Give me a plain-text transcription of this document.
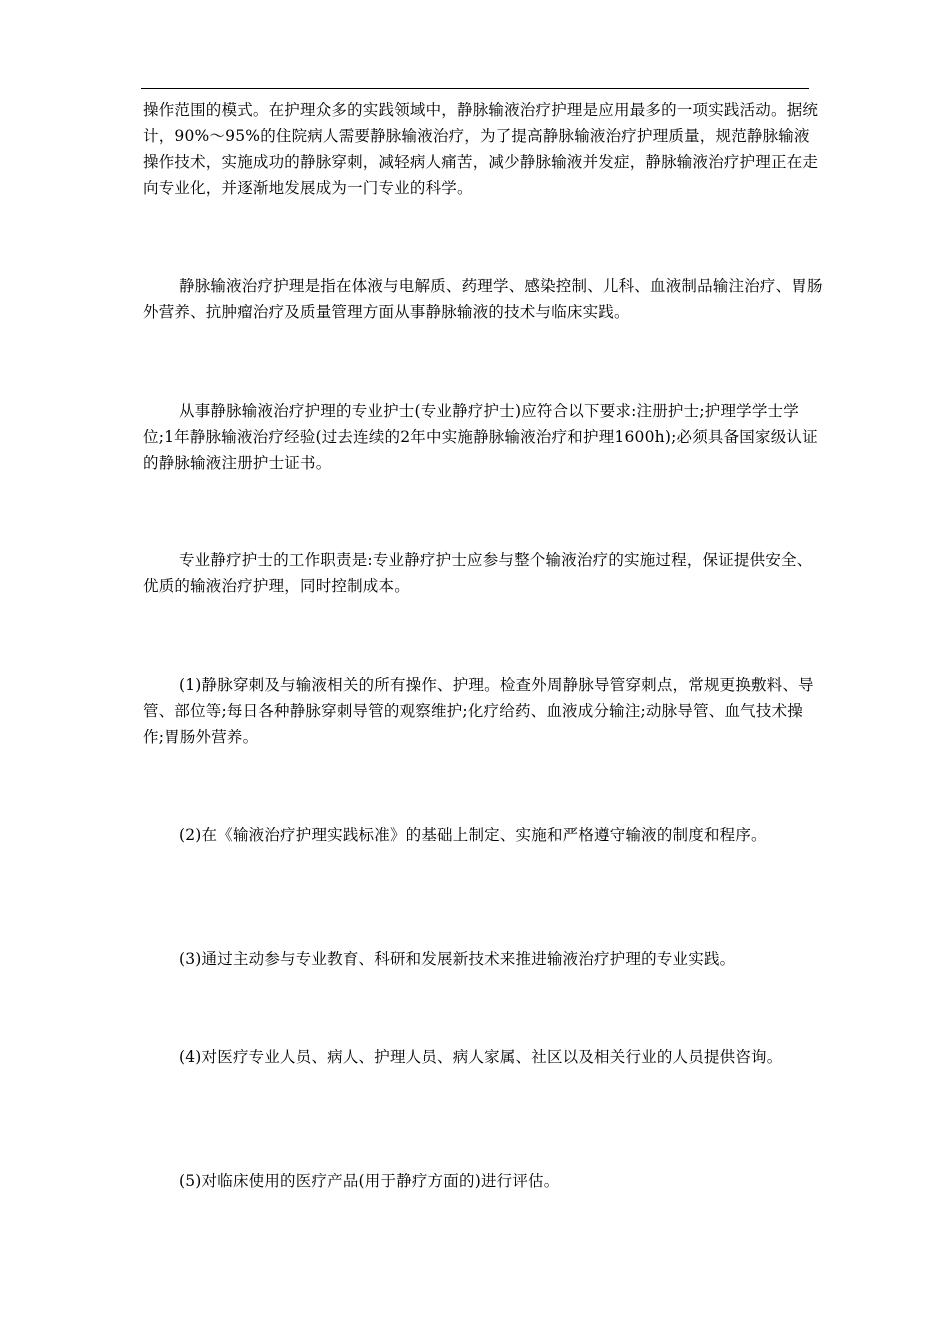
操作范围的模式。在护理众多的实践领域中，静脉输液治疗护理是应用最多的一项实践活动。据统计，90%～95%的住院病人需要静脉输液治疗，为了提高静脉输液治疗护理质量，规范静脉输液操作技术，实施成功的静脉穿刺，减轻病人痛苦，减少静脉输液并发症，静脉输液治疗护理正在走向专业化，并逐渐地发展成为一门专业的科学。

静脉输液治疗护理是指在体液与电解质、药理学、感染控制、儿科、血液制品输注治疗、胃肠外营养、抗肿瘤治疗及质量管理方面从事静脉输液的技术与临床实践。

从事静脉输液治疗护理的专业护士(专业静疗护士)应符合以下要求:注册护士;护理学学士学位;1年静脉输液治疗经验(过去连续的2年中实施静脉输液治疗和护理1600h);必须具备国家级认证的静脉输液注册护士证书。

专业静疗护士的工作职责是:专业静疗护士应参与整个输液治疗的实施过程，保证提供安全、优质的输液治疗护理，同时控制成本。

(1)静脉穿刺及与输液相关的所有操作、护理。检查外周静脉导管穿刺点，常规更换敷料、导管、部位等;每日各种静脉穿刺导管的观察维护;化疗给药、血液成分输注;动脉导管、血气技术操作;胃肠外营养。

(2)在《输液治疗护理实践标准》的基础上制定、实施和严格遵守输液的制度和程序。

(3)通过主动参与专业教育、科研和发展新技术来推进输液治疗护理的专业实践。

(4)对医疗专业人员、病人、护理人员、病人家属、社区以及相关行业的人员提供咨询。

(5)对临床使用的医疗产品(用于静疗方面的)进行评估。
